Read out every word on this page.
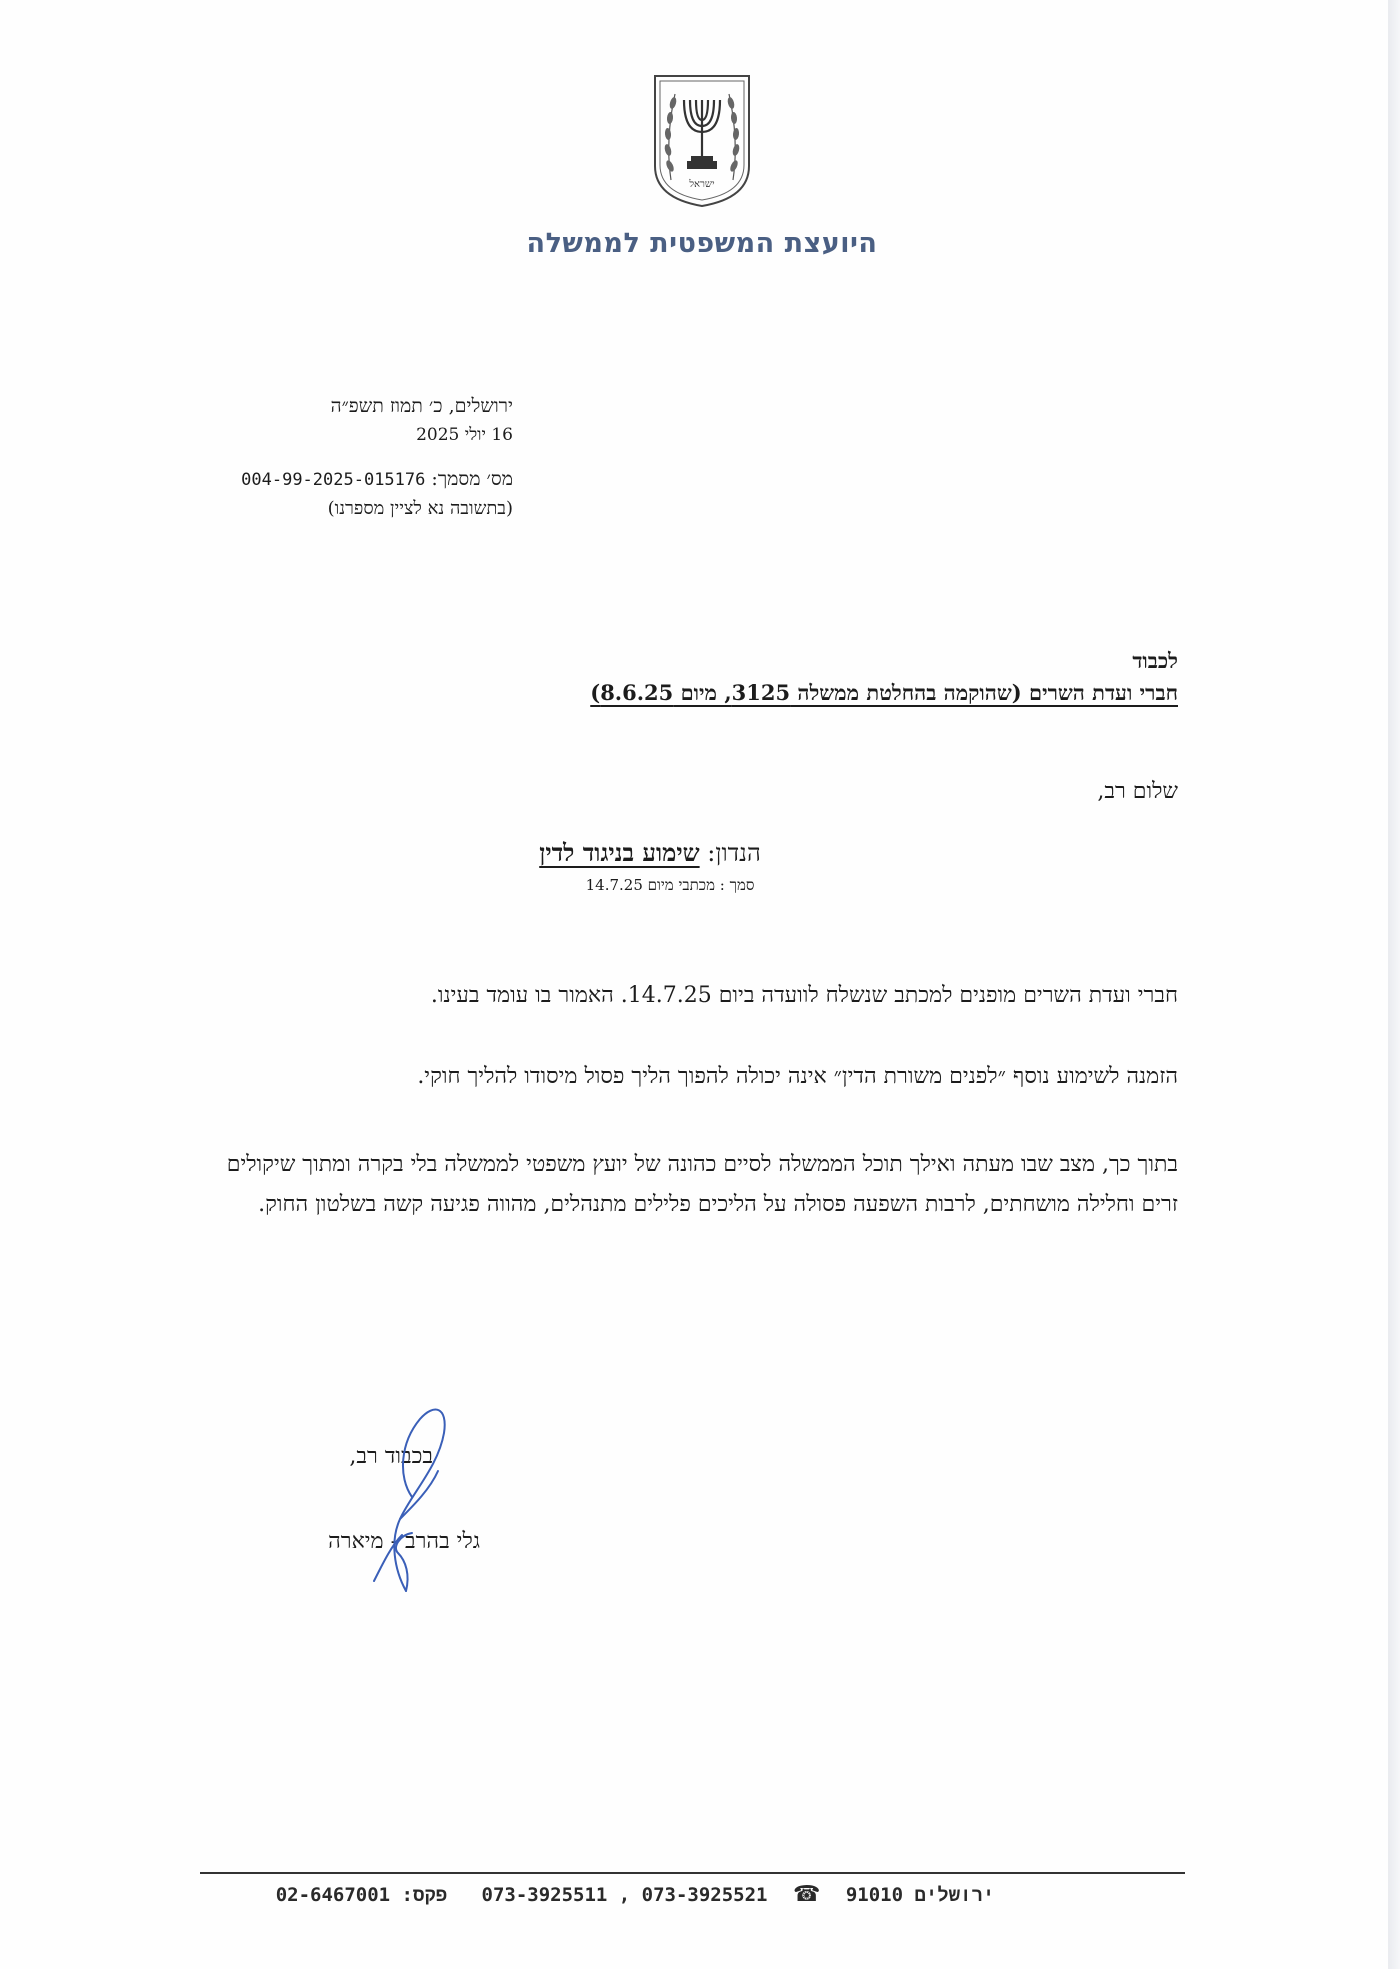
ישראל
היועצת המשפטית לממשלה
ירושלים, כ׳ תמוז תשפ״ה
16 יולי 2025
מס׳ מסמך: 004-99-2025-015176
(בתשובה נא לציין מספרנו)
לכבוד
חברי ועדת השרים (שהוקמה בהחלטת ממשלה 3125, מיום 8.6.25)
שלום רב,
הנדון: שימוע בניגוד לדין
סמך : מכתבי מיום 14.7.25
חברי ועדת השרים מופנים למכתב שנשלח לוועדה ביום 14.7.25. האמור בו עומד בעינו.
הזמנה לשימוע נוסף ״לפנים משורת הדין״ אינה יכולה להפוך הליך פסול מיסודו להליך חוקי.
בתוך כך, מצב שבו מעתה ואילך תוכל הממשלה לסיים כהונה של יועץ משפטי לממשלה בלי בקרה ומתוך שיקולים זרים וחלילה מושחתים, לרבות השפעה פסולה על הליכים פלילים מתנהלים, מהווה פגיעה קשה בשלטון החוק.
בכבוד רב,
גלי בהרב - מיארה
פקס: 02-6467001 073-3925511 , 073-3925521 ☎ ירושלים 91010
